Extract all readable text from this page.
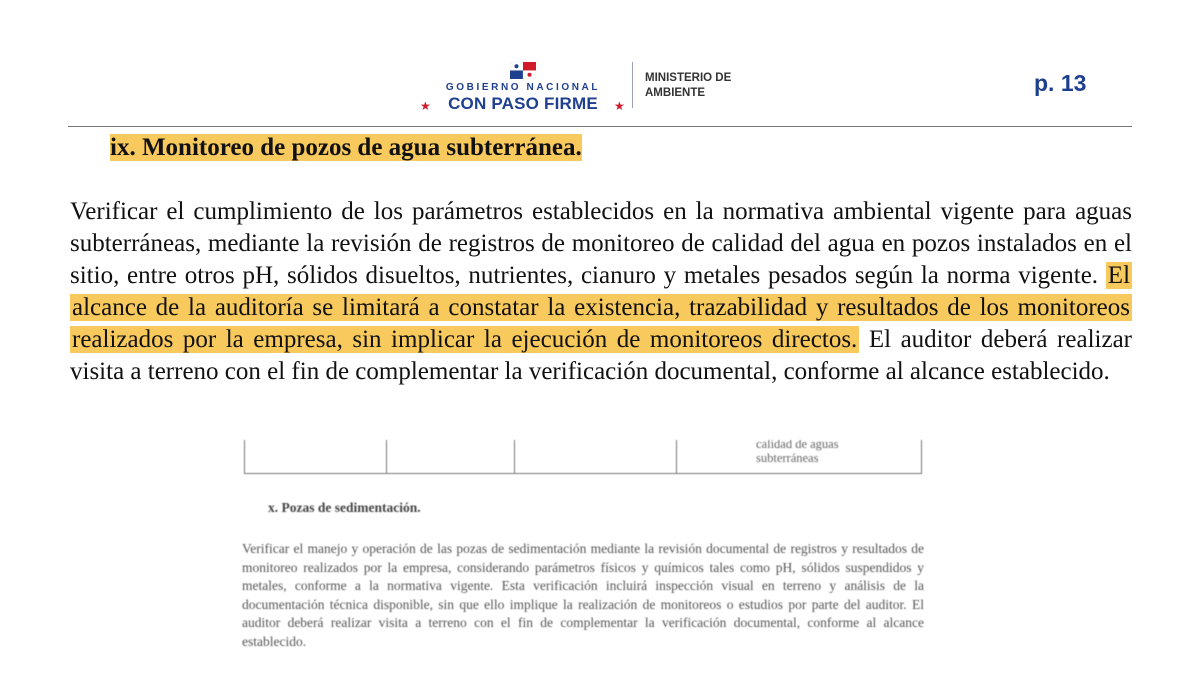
GOBIERNO NACIONAL
★	CON PASO FIRME	★
MINISTERIO DE
AMBIENTE	p. 13
ix. Monitoreo de pozos de agua subterránea.
Verificar el cumplimiento de los parámetros establecidos en la normativa ambiental vigente para aguas subterráneas, mediante la revisión de registros de monitoreo de calidad del agua en pozos instalados en el sitio, entre otros pH, sólidos disueltos, nutrientes, cianuro y metales pesados según la norma vigente. El alcance de la auditoría se limitará a constatar la existencia, trazabilidad y resultados de los monitoreos realizados por la empresa, sin implicar la ejecución de monitoreos directos. El auditor deberá realizar visita a terreno con el fin de complementar la verificación documental, conforme al alcance establecido.
calidad de aguas
subterráneas
x. Pozas de sedimentación.
Verificar el manejo y operación de las pozas de sedimentación mediante la revisión documental de registros y resultados de monitoreo realizados por la empresa, considerando parámetros físicos y químicos tales como pH, sólidos suspendidos y metales, conforme a la normativa vigente. Esta verificación incluirá inspección visual en terreno y análisis de la documentación técnica disponible, sin que ello implique la realización de monitoreos o estudios por parte del auditor. El auditor deberá realizar visita a terreno con el fin de complementar la verificación documental, conforme al alcance establecido.
